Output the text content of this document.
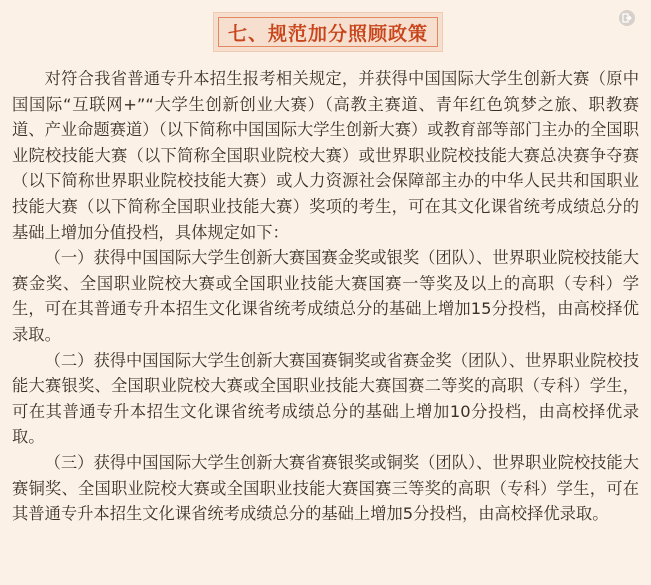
七、规范加分照顾政策

对符合我省普通专升本招生报考相关规定，并获得中国国际大学生创新大赛（原中国国际“互联网+”“大学生创新创业大赛）（高教主赛道、青年红色筑梦之旅、职教赛道、产业命题赛道）（以下简称中国国际大学生创新大赛）或教育部等部门主办的全国职业院校技能大赛（以下简称全国职业院校大赛）或世界职业院校技能大赛总决赛争夺赛（以下简称世界职业院校技能大赛）或人力资源社会保障部主办的中华人民共和国职业技能大赛（以下简称全国职业技能大赛）奖项的考生，可在其文化课省统考成绩总分的基础上增加分值投档，具体规定如下：

（一）获得中国国际大学生创新大赛国赛金奖或银奖（团队）、世界职业院校技能大赛金奖、全国职业院校大赛或全国职业技能大赛国赛一等奖及以上的高职（专科）学生，可在其普通专升本招生文化课省统考成绩总分的基础上增加15分投档，由高校择优录取。

（二）获得中国国际大学生创新大赛国赛铜奖或省赛金奖（团队）、世界职业院校技能大赛银奖、全国职业院校大赛或全国职业技能大赛国赛二等奖的高职（专科）学生，可在其普通专升本招生文化课省统考成绩总分的基础上增加10分投档，由高校择优录取。

（三）获得中国国际大学生创新大赛省赛银奖或铜奖（团队）、世界职业院校技能大赛铜奖、全国职业院校大赛或全国职业技能大赛国赛三等奖的高职（专科）学生，可在其普通专升本招生文化课省统考成绩总分的基础上增加5分投档，由高校择优录取。
